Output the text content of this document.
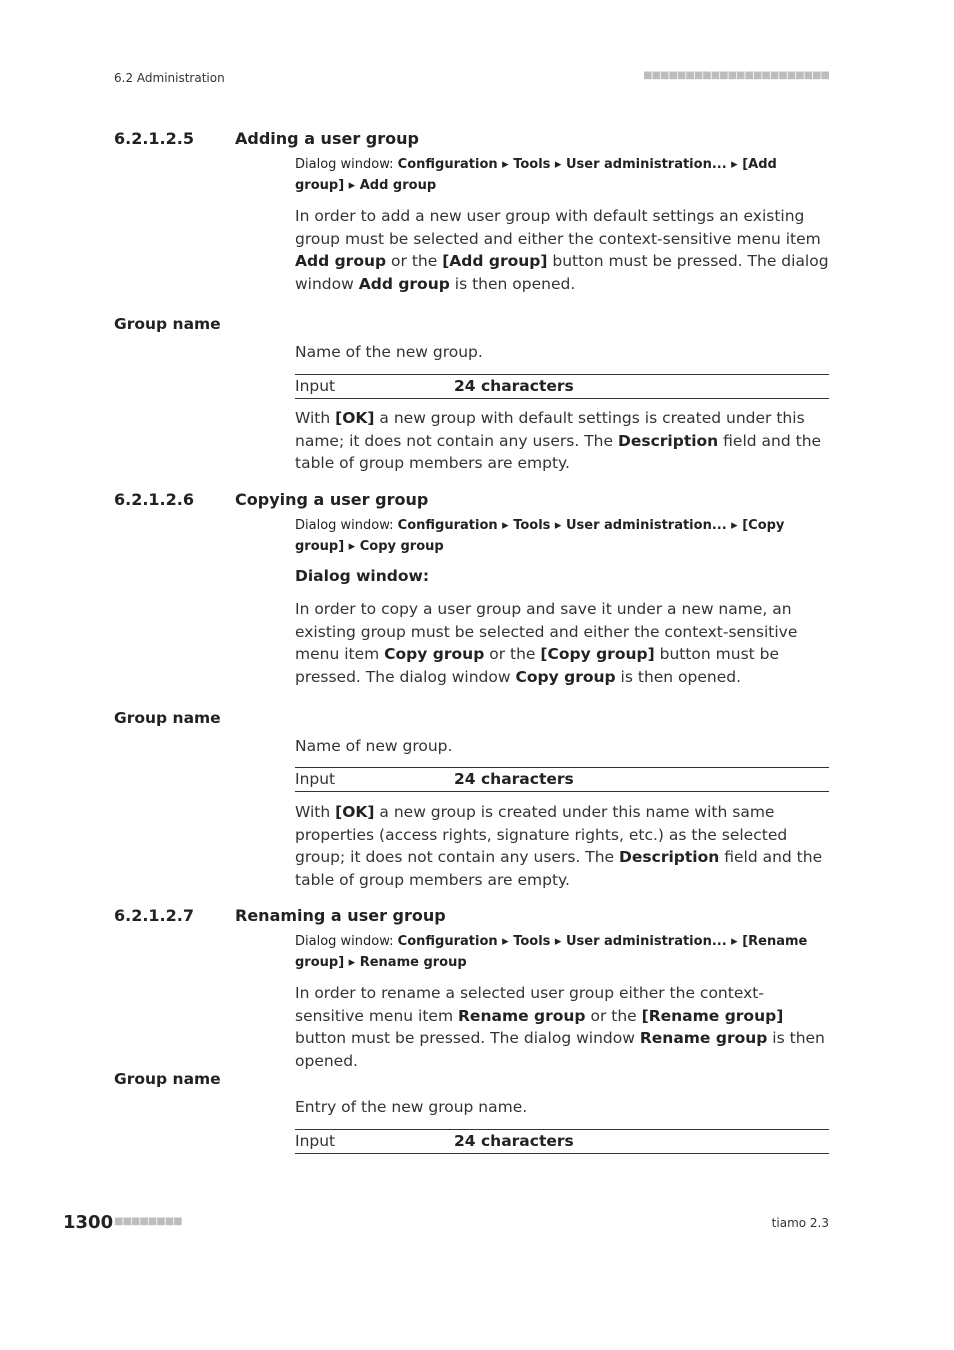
6.2 Administration	■■■■■■■■■■■■■■■■■■■■■■
6.2.1.2.5	Adding a user group
Dialog window: Configuration ▸ Tools ▸ User administration... ▸ [Add
group] ▸ Add group
In order to add a new user group with default settings an existing group must be selected and either the context-sensitive menu item Add group or the [Add group] button must be pressed. The dialog window Add group is then opened.
Group name
Name of the new group.
Input	24 characters
With [OK] a new group with default settings is created under this name; it does not contain any users. The Description field and the table of group members are empty.
6.2.1.2.6	Copying a user group
Dialog window: Configuration ▸ Tools ▸ User administration... ▸ [Copy
group] ▸ Copy group
Dialog window:
In order to copy a user group and save it under a new name, an existing group must be selected and either the context-sensitive menu item Copy group or the [Copy group] button must be pressed. The dialog window Copy group is then opened.
Group name
Name of new group.
Input	24 characters
With [OK] a new group is created under this name with same properties (access rights, signature rights, etc.) as the selected group; it does not contain any users. The Description field and the table of group members are empty.
6.2.1.2.7	Renaming a user group
Dialog window: Configuration ▸ Tools ▸ User administration... ▸ [Rename
group] ▸ Rename group
In order to rename a selected user group either the context-sensitive menu item Rename group or the [Rename group] button must be pressed. The dialog window Rename group is then opened.
Group name
Entry of the new group name.
Input	24 characters
1300 ■■■■■■■■	tiamo 2.3
